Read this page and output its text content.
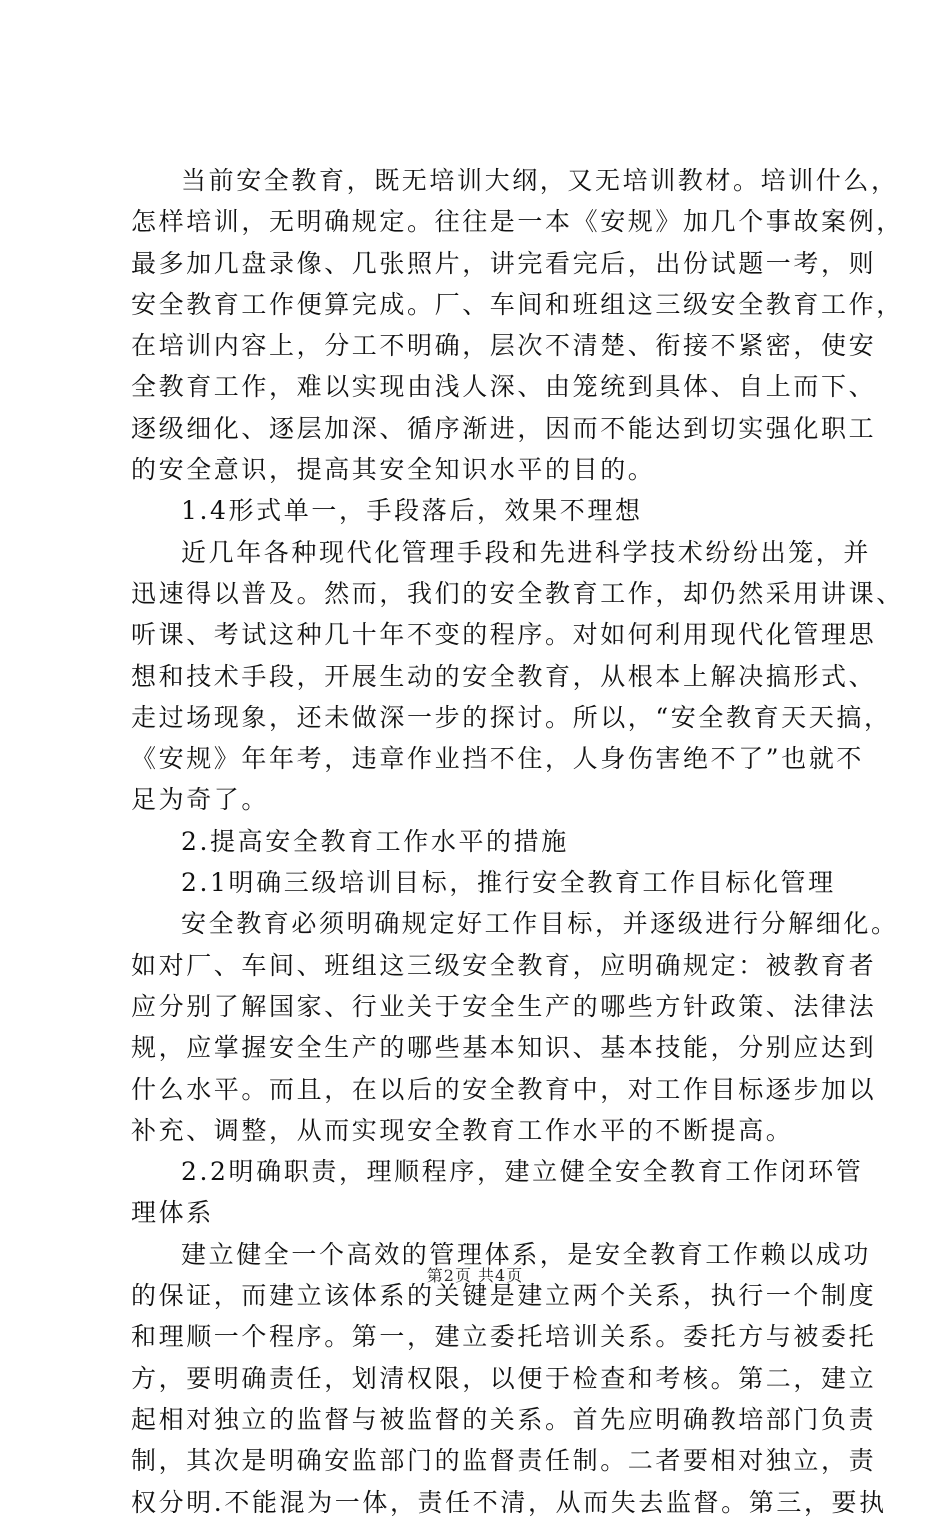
当前安全教育，既无培训大纲，又无培训教材。培训什么，
怎样培训，无明确规定。往往是一本《安规》加几个事故案例，
最多加几盘录像、几张照片，讲完看完后，出份试题一考，则
安全教育工作便算完成。厂、车间和班组这三级安全教育工作，
在培训内容上，分工不明确，层次不清楚、衔接不紧密，使安
全教育工作，难以实现由浅人深、由笼统到具体、自上而下、
逐级细化、逐层加深、循序渐进，因而不能达到切实强化职工
的安全意识，提高其安全知识水平的目的。
1.4形式单一，手段落后，效果不理想
近几年各种现代化管理手段和先进科学技术纷纷出笼，并
迅速得以普及。然而，我们的安全教育工作，却仍然采用讲课、
听课、考试这种几十年不变的程序。对如何利用现代化管理思
想和技术手段，开展生动的安全教育，从根本上解决搞形式、
走过场现象，还未做深一步的探讨。所以，“安全教育天天搞，
《安规》年年考，违章作业挡不住，人身伤害绝不了”也就不
足为奇了。
2.提高安全教育工作水平的措施
2.1明确三级培训目标，推行安全教育工作目标化管理
安全教育必须明确规定好工作目标，并逐级进行分解细化。
如对厂、车间、班组这三级安全教育，应明确规定：被教育者
应分别了解国家、行业关于安全生产的哪些方针政策、法律法
规，应掌握安全生产的哪些基本知识、基本技能，分别应达到
什么水平。而且，在以后的安全教育中，对工作目标逐步加以
补充、调整，从而实现安全教育工作水平的不断提高。
2.2明确职责，理顺程序，建立健全安全教育工作闭环管
理体系
建立健全一个高效的管理体系，是安全教育工作赖以成功
的保证，而建立该体系的关键是建立两个关系，执行一个制度
和理顺一个程序。第一，建立委托培训关系。委托方与被委托
方，要明确责任，划清权限，以便于检查和考核。第二，建立
起相对独立的监督与被监督的关系。首先应明确教培部门负责
制，其次是明确安监部门的监督责任制。二者要相对独立，责
权分明.不能混为一体，责任不清，从而失去监督。第三，要执
第2页 共4页
